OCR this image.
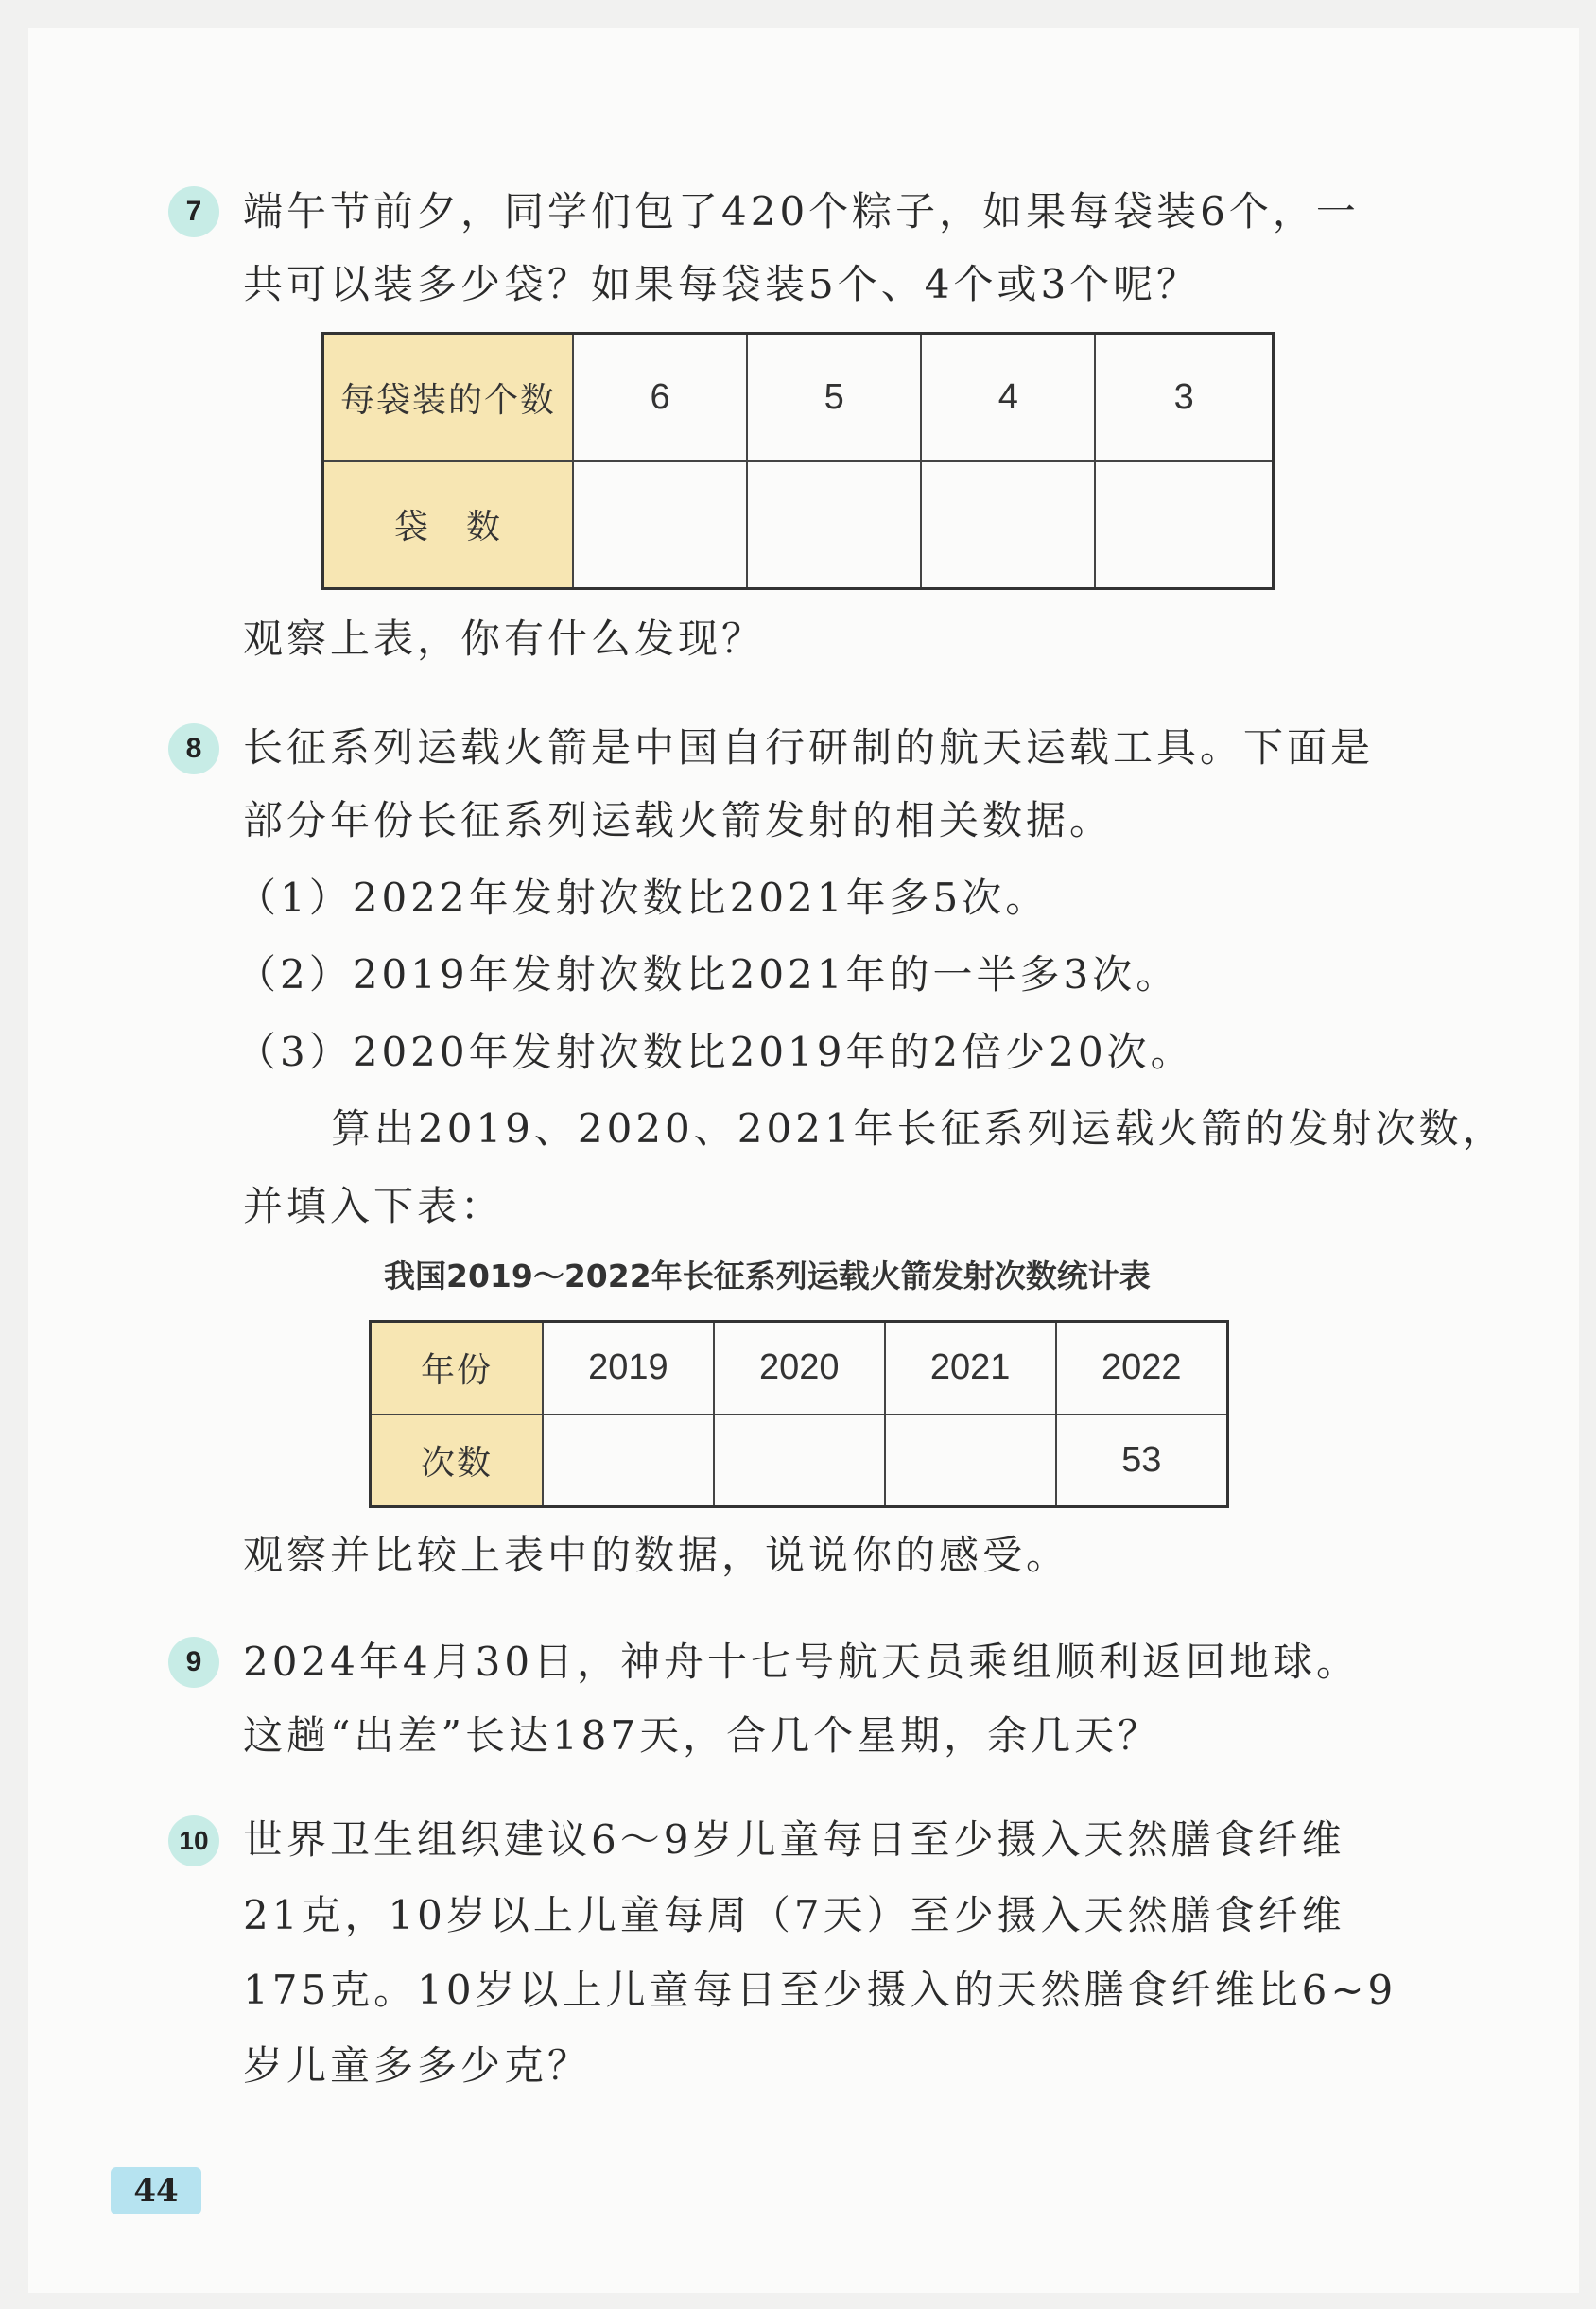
7	端午节前夕，同学们包了420个粽子，如果每袋装6个，一
共可以装多少袋？如果每袋装5个、4个或3个呢？
每袋装的个数	6	5	4	3
袋　数				
观察上表，你有什么发现？
8	长征系列运载火箭是中国自行研制的航天运载工具。下面是
部分年份长征系列运载火箭发射的相关数据。
（1）2022年发射次数比2021年多5次。
（2）2019年发射次数比2021年的一半多3次。
（3）2020年发射次数比2019年的2倍少20次。
算出2019、2020、2021年长征系列运载火箭的发射次数，
并填入下表：
我国2019～2022年长征系列运载火箭发射次数统计表
年份	2019	2020	2021	2022
次数				53
观察并比较上表中的数据，说说你的感受。
9	2024年4月30日，神舟十七号航天员乘组顺利返回地球。
这趟“出差”长达187天，合几个星期，余几天？
10 世界卫生组织建议6～9岁儿童每日至少摄入天然膳食纤维
21克，10岁以上儿童每周（7天）至少摄入天然膳食纤维
175克。10岁以上儿童每日至少摄入的天然膳食纤维比6~9
岁儿童多多少克？
44
